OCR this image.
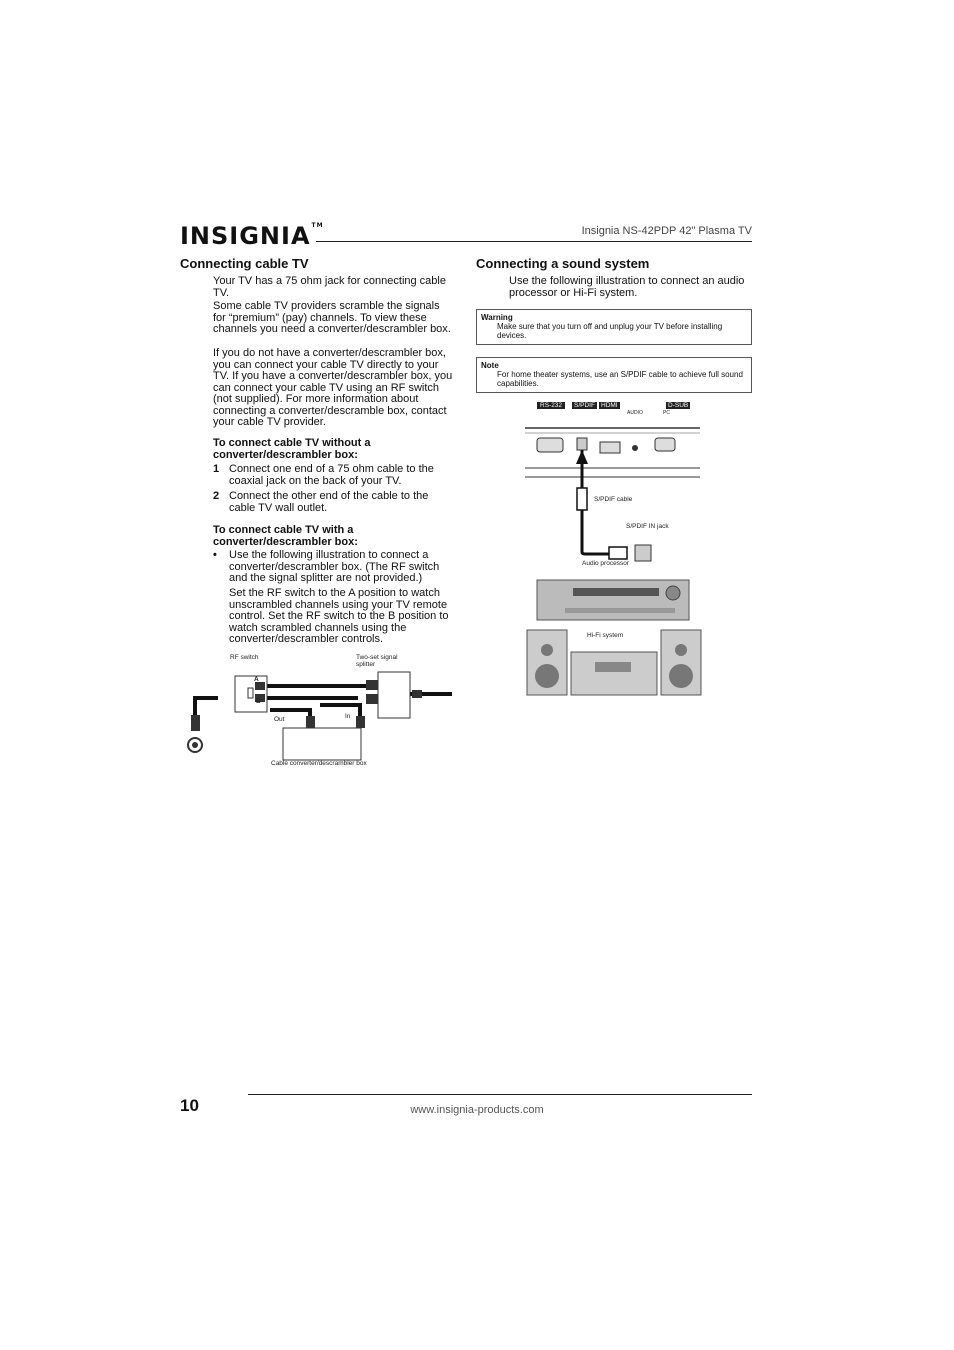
INSIGNIA™	Insignia NS-42PDP 42" Plasma TV
Connecting cable TV

Your TV has a 75 ohm jack for connecting cable TV.

Some cable TV providers scramble the signals for “premium” (pay) channels. To view these channels you need a converter/descrambler box.

If you do not have a converter/descrambler box, you can connect your cable TV directly to your TV. If you have a converter/descrambler box, you can connect your cable TV using an RF switch (not supplied). For more information about connecting a converter/descramble box, contact your cable TV provider.

To connect cable TV without a converter/descrambler box:

1 Connect one end of a 75 ohm cable to the coaxial jack on the back of your TV.
2 Connect the other end of the cable to the cable TV wall outlet.

To connect cable TV with a converter/descrambler box:

•	Use the following illustration to connect a converter/descrambler box. (The RF switch and the signal splitter are not provided.)

Set the RF switch to the A position to watch unscrambled channels using your TV remote control. Set the RF switch to the B position to watch scrambled channels using the converter/descrambler controls.

RF switch	Two-set signal splitter
A
B
Out	In
Cable converter/descrambler box
Connecting a sound system

Use the following illustration to connect an audio processor or Hi-Fi system.

Warning
Make sure that you turn off and unplug your TV before installing devices.
Note
For home theater systems, use an S/PDIF cable to achieve full sound capabilities.
RS-232	S/PDIF HDMI	D-SUB
AUDIO	PC
S/PDIF cable
S/PDIF IN jack
Audio processor
Hi-Fi system
10	www.insignia-products.com
